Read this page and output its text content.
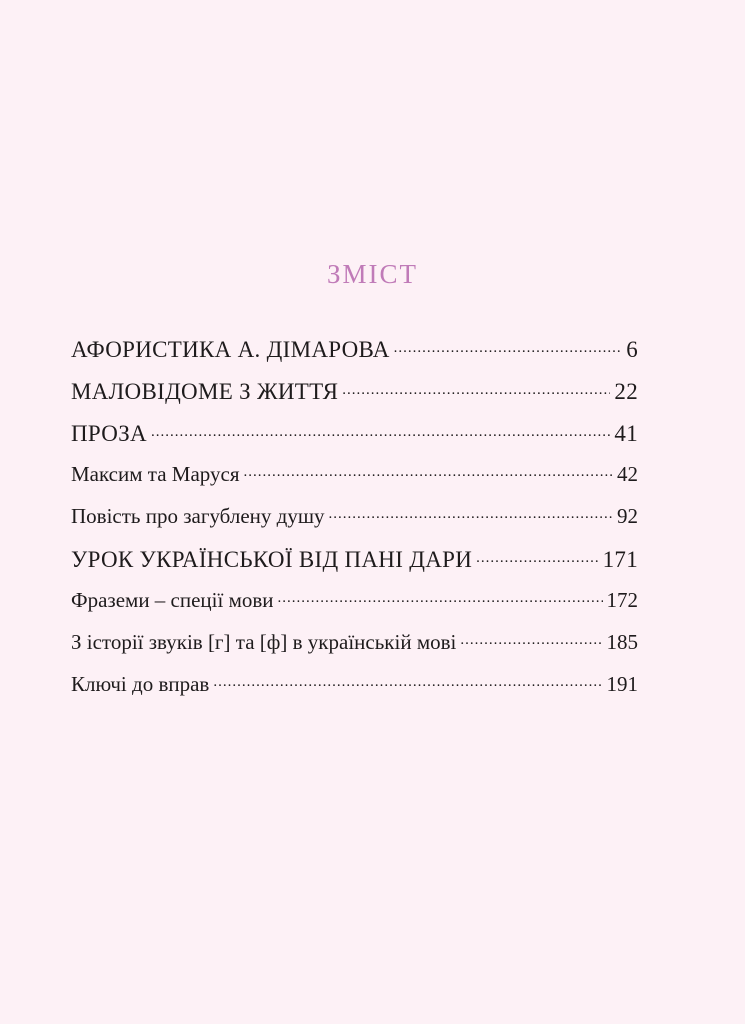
ЗМІСТ
АФОРИСТИКА А. ДІМАРОВА .....	6
МАЛОВІДОМЕ З ЖИТТЯ .....	22
ПРОЗА .....	41
Максим та Маруся .....	42
Повість про загублену душу .....	92
УРОК УКРАЇНСЬКОЇ ВІД ПАНІ ДАРИ .....	171
Фраземи – спеції мови .....	172
З історії звуків [г] та [ф] в українській мові .....	185
Ключі до вправ .....	191
